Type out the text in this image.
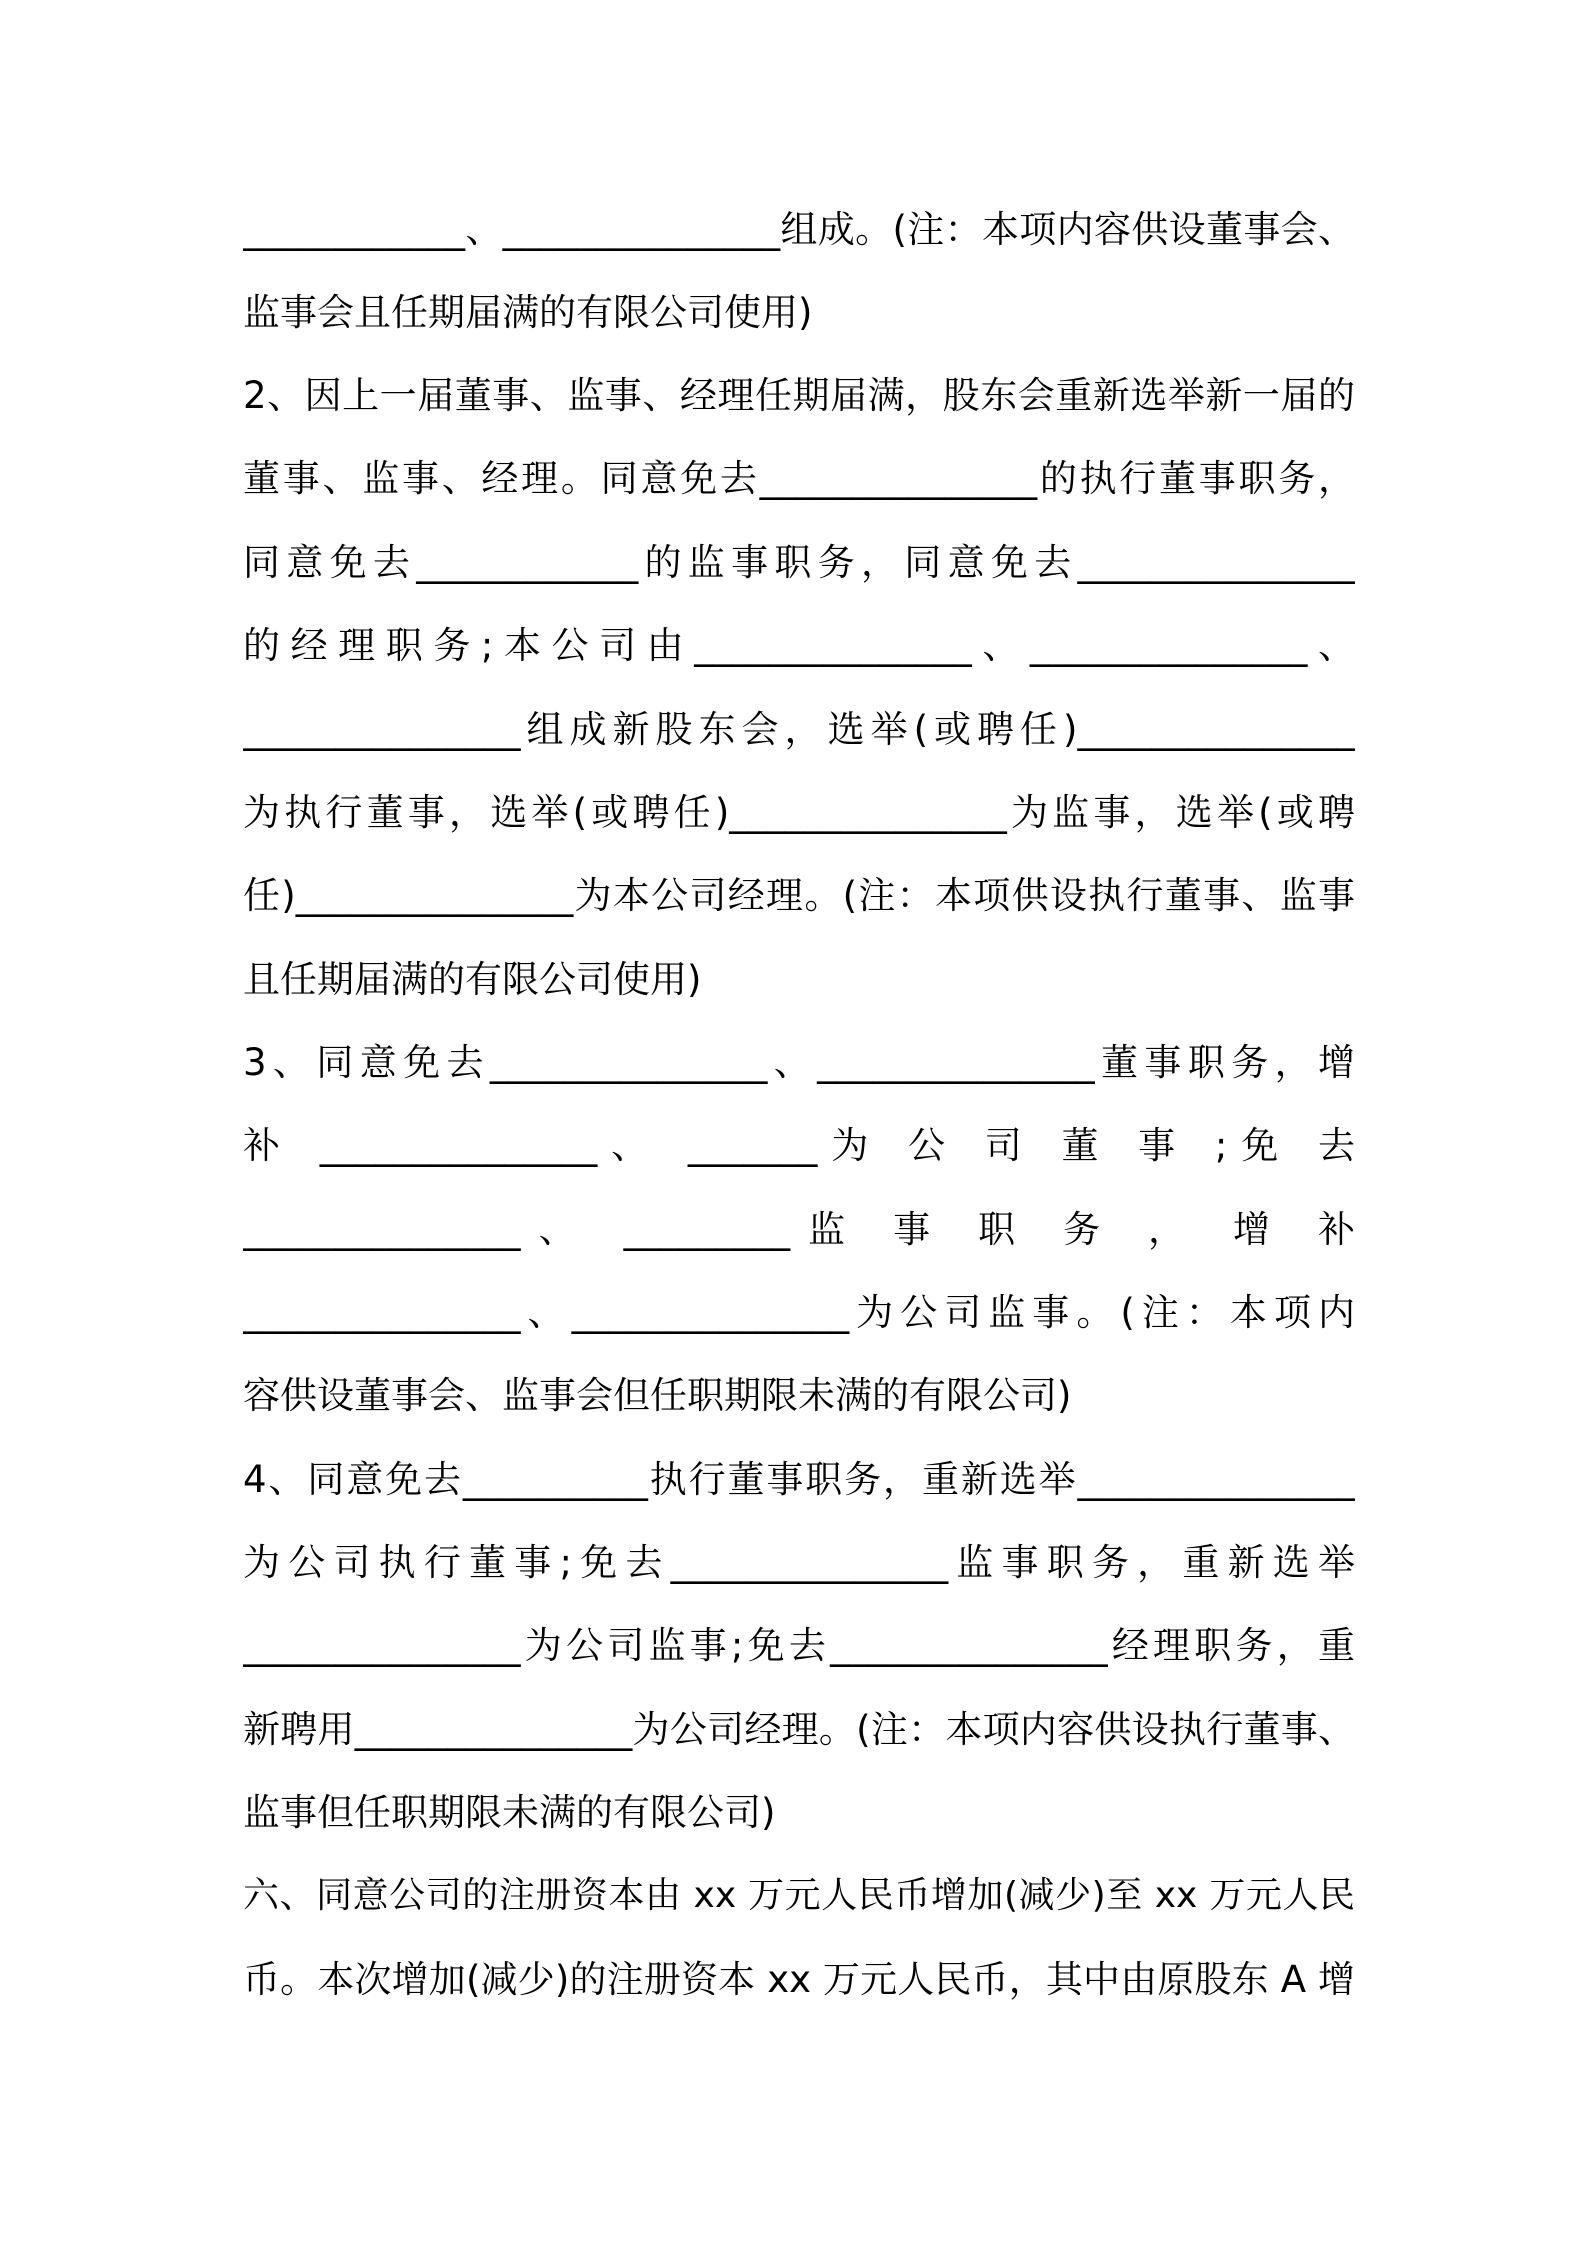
____________、_______________组成。(注：本项内容供设董事会、
监事会且任期届满的有限公司使用)
2、因上一届董事、监事、经理任期届满，股东会重新选举新一届的
董事、监事、经理。同意免去_______________的执行董事职务，
同意免去____________的监事职务，同意免去_______________
的经理职务;本公司由_______________、_______________、
_______________组成新股东会，选举(或聘任)_______________
为执行董事，选举(或聘任)_______________为监事，选举(或聘
任)_______________为本公司经理。(注：本项供设执行董事、监事
且任期届满的有限公司使用)
3、同意免去_______________、_______________董事职务，增
补 _______________、 _______为 公 司 董 事 ;免 去
_______________、 _________监 事 职 务 ， 增 补
_______________、_______________为公司监事。(注：本项内
容供设董事会、监事会但任职期限未满的有限公司)
4、同意免去__________执行董事职务，重新选举_______________
为公司执行董事;免去_______________监事职务，重新选举
_______________为公司监事;免去_______________经理职务，重
新聘用_______________为公司经理。(注：本项内容供设执行董事、
监事但任职期限未满的有限公司)
六、同意公司的注册资本由 xx 万元人民币增加(减少)至 xx 万元人民
币。本次增加(减少)的注册资本 xx 万元人民币，其中由原股东 A 增
